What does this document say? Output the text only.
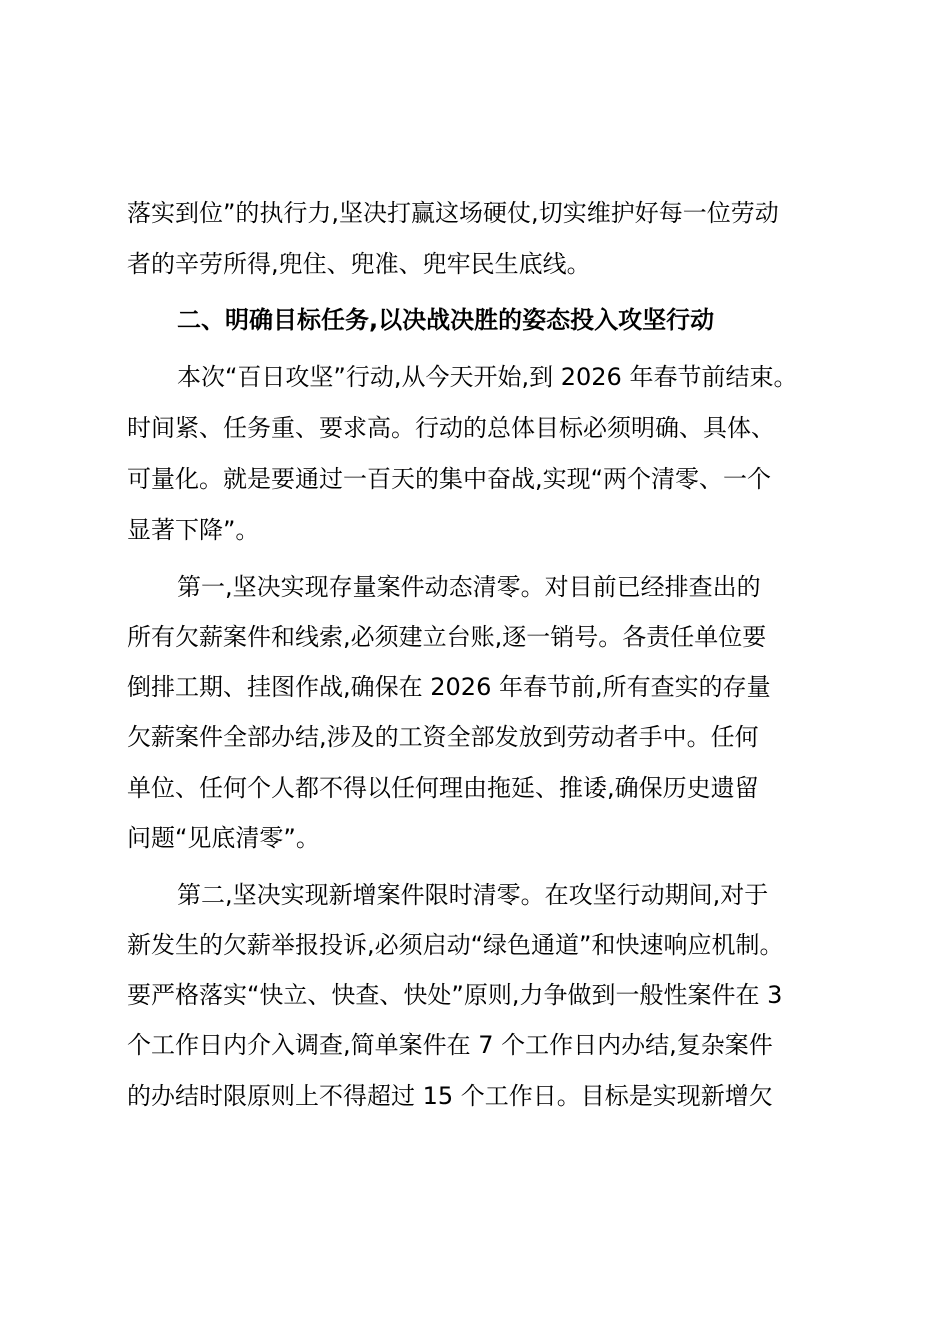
落实到位”的执行力,坚决打赢这场硬仗,切实维护好每一位劳动
者的辛劳所得,兜住、兜准、兜牢民生底线。
二、明确目标任务,以决战决胜的姿态投入攻坚行动
本次“百日攻坚”行动,从今天开始,到 2026 年春节前结束。
时间紧、任务重、要求高。行动的总体目标必须明确、具体、
可量化。就是要通过一百天的集中奋战,实现“两个清零、一个
显著下降”。
第一,坚决实现存量案件动态清零。对目前已经排查出的
所有欠薪案件和线索,必须建立台账,逐一销号。各责任单位要
倒排工期、挂图作战,确保在 2026 年春节前,所有查实的存量
欠薪案件全部办结,涉及的工资全部发放到劳动者手中。任何
单位、任何个人都不得以任何理由拖延、推诿,确保历史遗留
问题“见底清零”。
第二,坚决实现新增案件限时清零。在攻坚行动期间,对于
新发生的欠薪举报投诉,必须启动“绿色通道”和快速响应机制。
要严格落实“快立、快查、快处”原则,力争做到一般性案件在 3
个工作日内介入调查,简单案件在 7 个工作日内办结,复杂案件
的办结时限原则上不得超过 15 个工作日。目标是实现新增欠
